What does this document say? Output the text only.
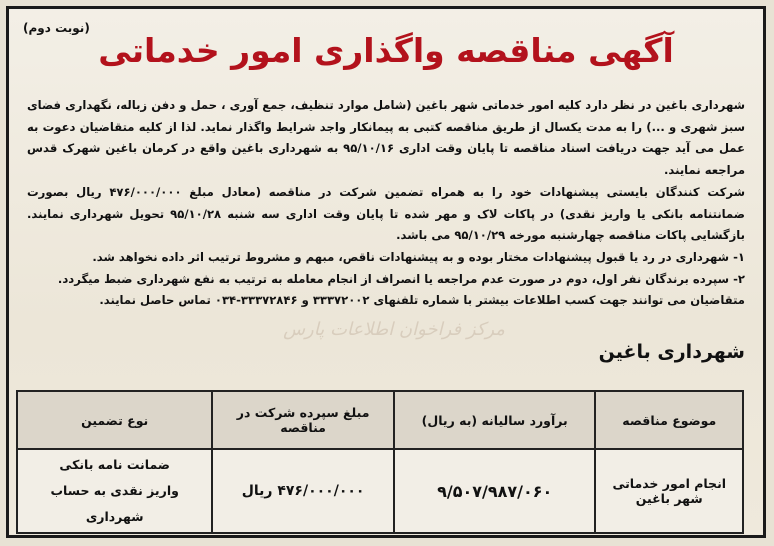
(نوبت دوم)
آگهی مناقصه واگذاری امور خدماتی

شهرداری باغین در نظر دارد کلیه امور خدماتی شهر باغین (شامل موارد تنظیف، جمع آوری ، حمل و دفن زباله، نگهداری فضای سبز شهری و ...) را به مدت یکسال از طریق مناقصه کتبی به پیمانکار واجد شرایط واگذار نماید. لذا از کلیه متقاضیان دعوت به عمل می آید جهت دریافت اسناد مناقصه تا پایان وقت اداری ۹۵/۱۰/۱۶ به شهرداری باغین واقع در کرمان باغین شهرک قدس مراجعه نمایند.

شرکت کنندگان بایستی پیشنهادات خود را به همراه تضمین شرکت در مناقصه (معادل مبلغ ۴۷۶/۰۰۰/۰۰۰ ریال بصورت ضمانتنامه بانکی یا واریز نقدی) در پاکات لاک و مهر شده تا پایان وقت اداری سه شنبه ۹۵/۱۰/۲۸ تحویل شهرداری نمایند. بازگشایی پاکات مناقصه چهارشنبه مورخه ۹۵/۱۰/۲۹ می باشد.

۱- شهرداری در رد یا قبول پیشنهادات مختار بوده و به پیشنهادات ناقص، مبهم و مشروط ترتیب اثر داده نخواهد شد.

۲- سپرده برندگان نفر اول، دوم در صورت عدم مراجعه یا انصراف از انجام معامله به ترتیب به نفع شهرداری ضبط میگردد.

متقاضیان می توانند جهت کسب اطلاعات بیشتر با شماره تلفنهای ۳۳۳۷۲۰۰۲ و ۳۳۳۷۲۸۴۶-۰۳۴ تماس حاصل نمایند.

مرکز فراخوان اطلاعات پارس
شهرداری باغین
موضوع مناقصه	برآورد سالیانه (به ریال)	مبلغ سپرده شرکت در مناقصه	نوع تضمین
انجام امور خدماتی شهر باغین	۹/۵۰۷/۹۸۷/۰۶۰	۴۷۶/۰۰۰/۰۰۰ ریال	ضمانت نامه بانکی
واریز نقدی به حساب شهرداری
